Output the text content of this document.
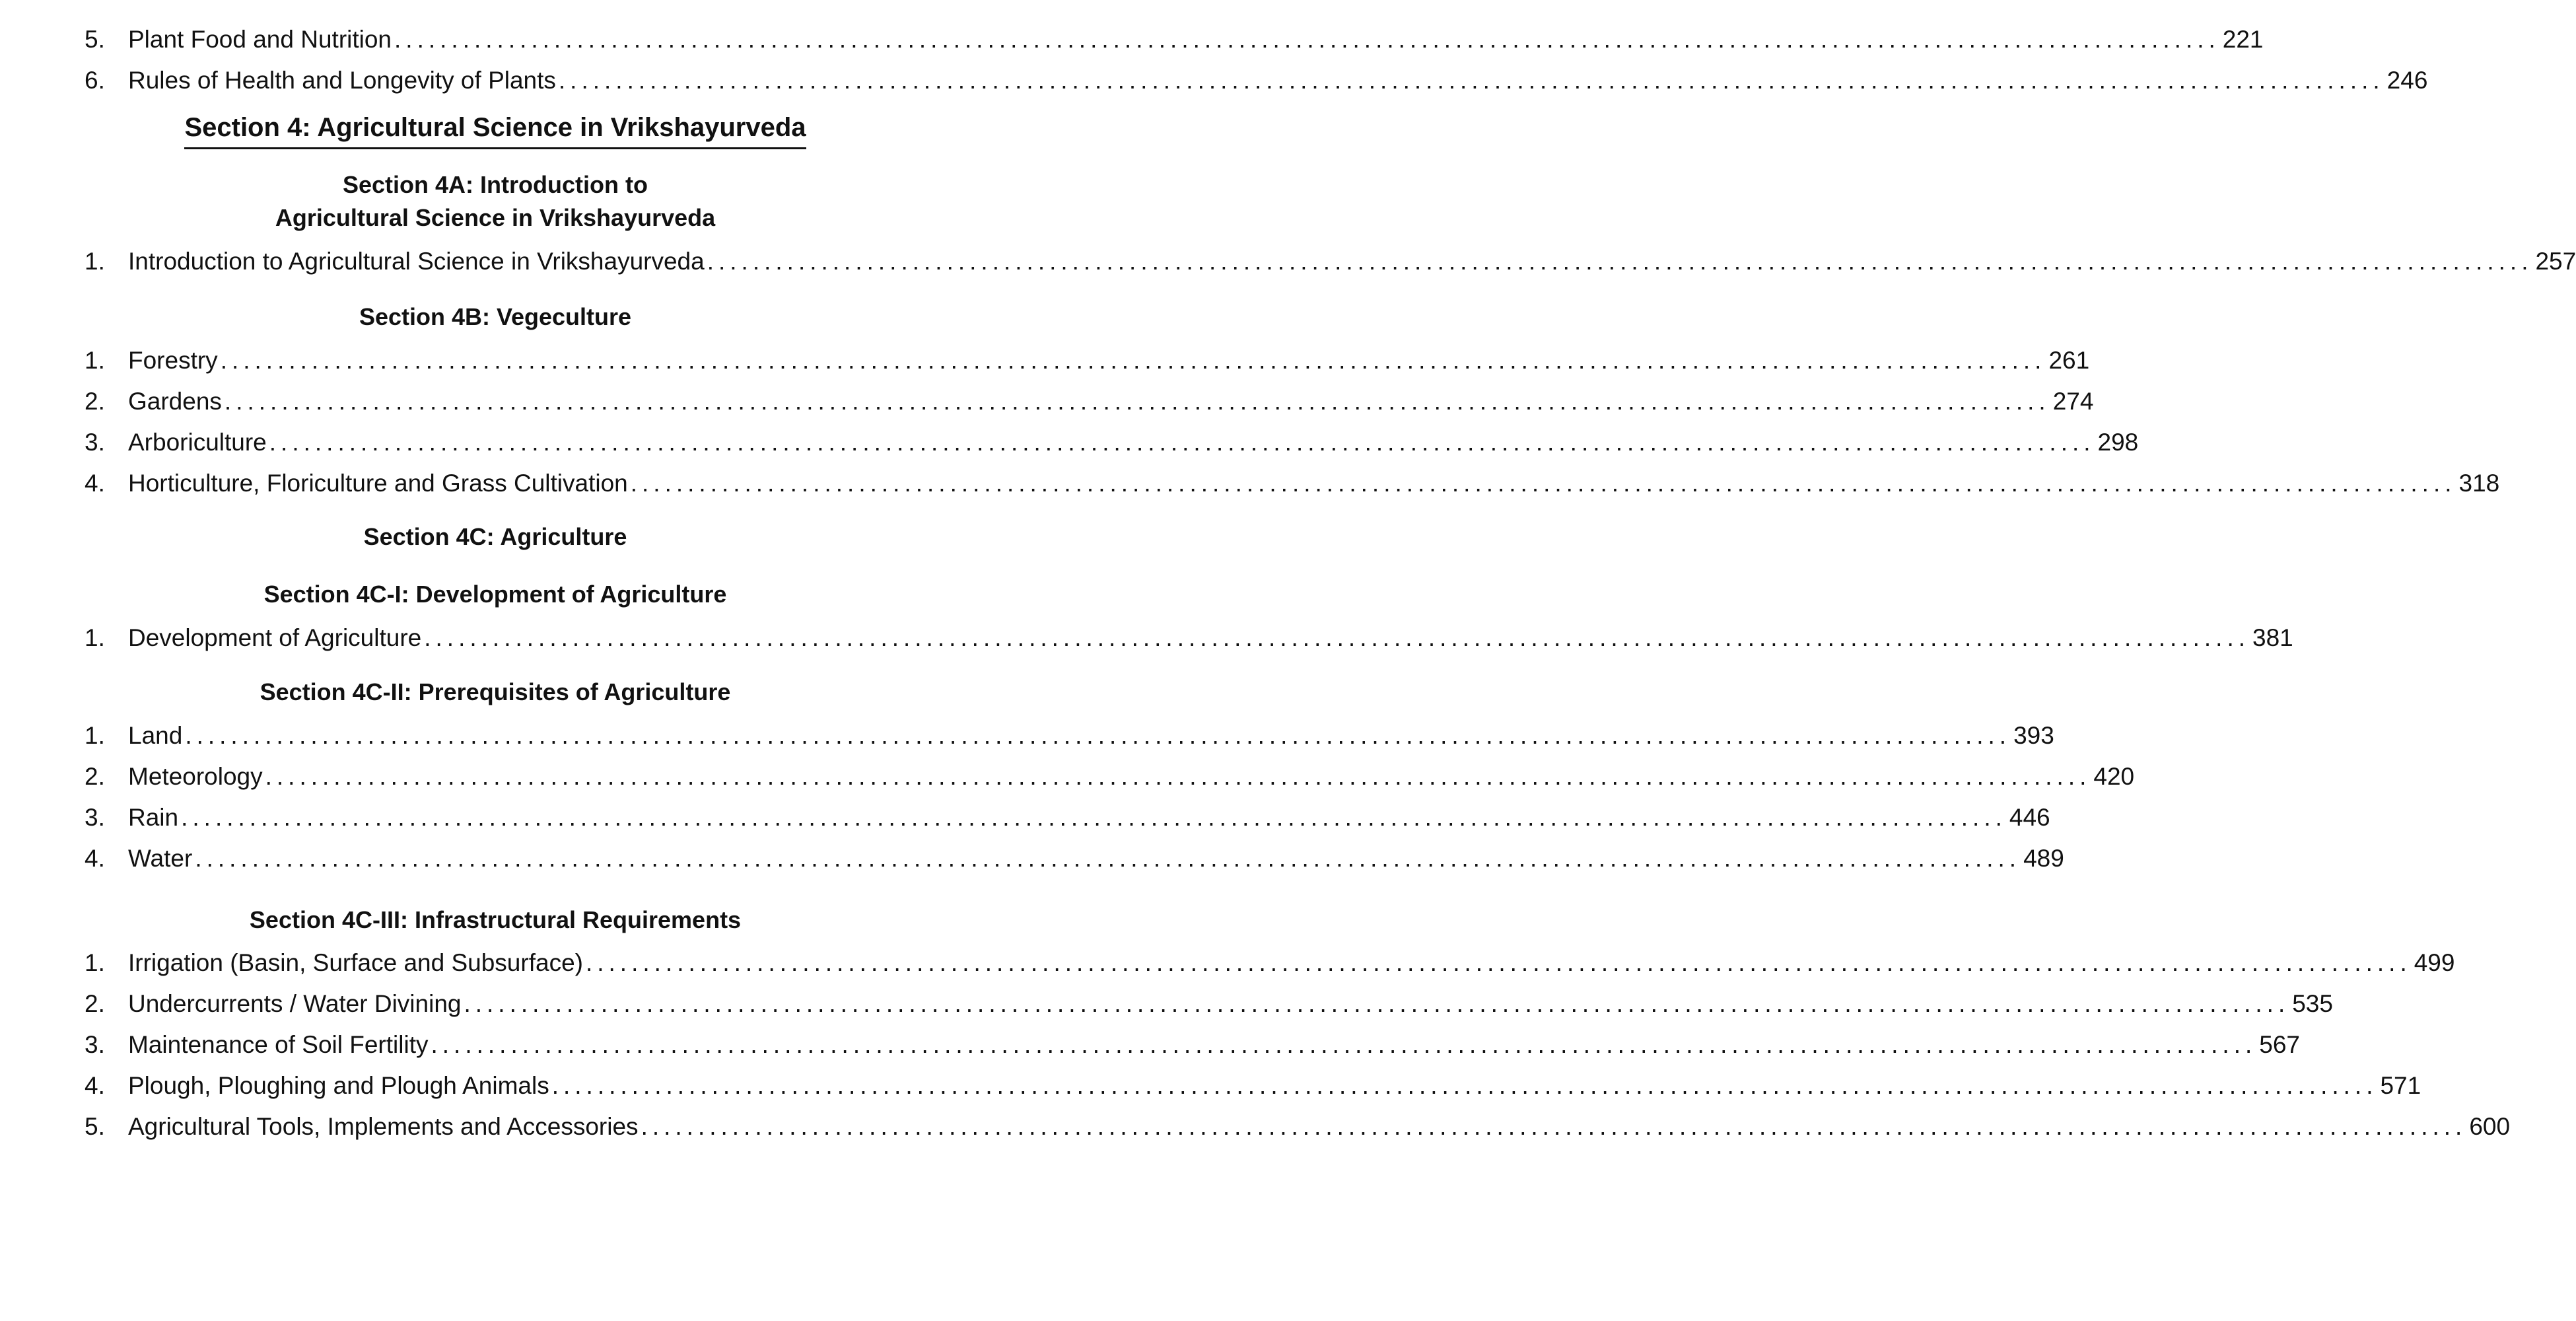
5. Plant Food and Nutrition ................................................................................................................................................................ 221
6. Rules of Health and Longevity of Plants ................................................................................................................................................................ 246
Section 4: Agricultural Science in Vrikshayurveda
Section 4A: Introduction to
Agricultural Science in Vrikshayurveda
1. Introduction to Agricultural Science in Vrikshayurveda ................................................................................................................................................................ 257
Section 4B: Vegeculture
1. Forestry ................................................................................................................................................................ 261
2. Gardens ................................................................................................................................................................ 274
3. Arboriculture ................................................................................................................................................................ 298
4. Horticulture, Floriculture and Grass Cultivation ................................................................................................................................................................ 318
Section 4C: Agriculture
Section 4C-I: Development of Agriculture
1. Development of Agriculture ................................................................................................................................................................ 381
Section 4C-II: Prerequisites of Agriculture
1. Land ................................................................................................................................................................ 393
2. Meteorology ................................................................................................................................................................ 420
3. Rain ................................................................................................................................................................ 446
4. Water ................................................................................................................................................................ 489
Section 4C-III: Infrastructural Requirements
1. Irrigation (Basin, Surface and Subsurface) ................................................................................................................................................................ 499
2. Undercurrents / Water Divining ................................................................................................................................................................ 535
3. Maintenance of Soil Fertility ................................................................................................................................................................ 567
4. Plough, Ploughing and Plough Animals ................................................................................................................................................................ 571
5. Agricultural Tools, Implements and Accessories ................................................................................................................................................................ 600
